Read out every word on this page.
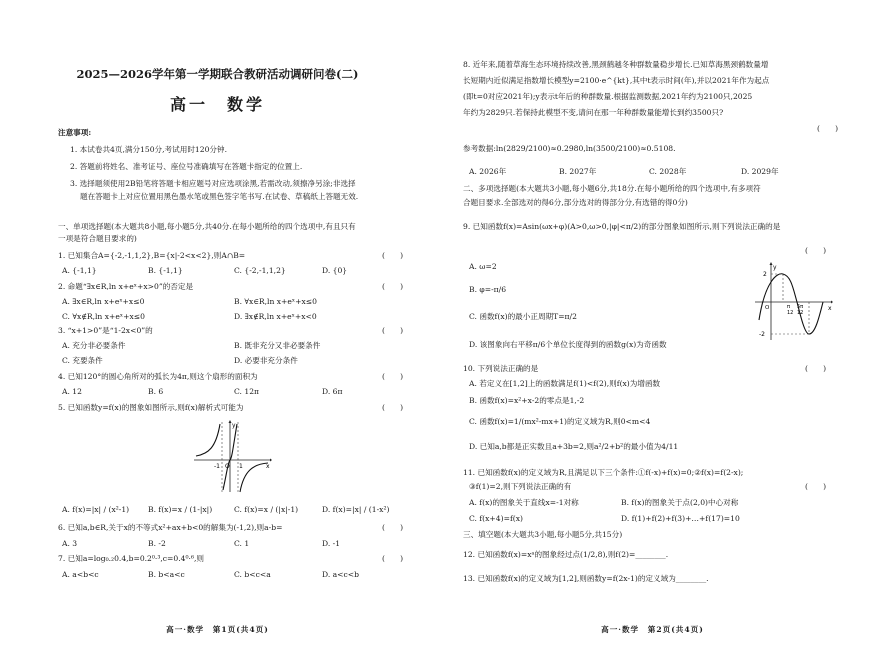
2025—2026学年第一学期联合教研活动调研问卷(二)
高一　数学
注意事项:
1. 本试卷共4页,满分150分,考试用时120分钟.
2. 答题前将姓名、准考证号、座位号准确填写在答题卡指定的位置上.
3. 选择题须使用2B铅笔将答题卡相应题号对应选项涂黑,若需改动,须擦净另涂;非选择
题在答题卡上对应位置用黑色墨水笔或黑色签字笔书写.在试卷、草稿纸上答题无效.
一、单项选择题(本大题共8小题,每小题5分,共40分.在每小题所给的四个选项中,有且只有
一项是符合题目要求的)
1. 已知集合A={-2,-1,1,2},B={x|-2<x<2},则A∩B=	(　　)
A. {-1,1}	B. {-1,1}	C. {-2,-1,1,2}	D. {0}
2. 命题“∃x∈R,ln x+eˣ+x>0”的否定是	(　　)
A. ∃x∈R,ln x+eˣ+x≤0	B. ∀x∈R,ln x+eˣ+x≤0
C. ∀x∉R,ln x+eˣ+x≤0	D. ∃x∉R,ln x+eˣ+x<0
3. “x+1>0”是“1-2x<0”的	(　　)
A. 充分非必要条件	B. 既非充分又非必要条件
C. 充要条件	D. 必要非充分条件
4. 已知120°的圆心角所对的弧长为4π,则这个扇形的面积为	(　　)
A. 12	B. 6	C. 12π	D. 6π
5. 已知函数y=f(x)的图象如图所示,则f(x)解析式可能为	(　　)
y
x
-1 O 1
A. f(x)=|x| / (x²-1) B. f(x)=x / (1-|x|)	C. f(x)=x / (|x|-1)	D. f(x)=|x| / (1-x²)
6. 已知a,b∈R,关于x的不等式x²+ax+b<0的解集为(-1,2),则a-b=	(　　)
A. 3	B. -2	C. 1	D. -1
7. 已知a=log₀.₂0.4,b=0.2⁰·³,c=0.4⁰·⁶,则	(　　)
A. a<b<c	B. b<a<c	C. b<c<a	D. a<c<b
高一·数学　第1页(共4页)
8. 近年来,随着草海生态环境持续改善,黑颈鹤越冬种群数量稳步增长.已知草海黑颈鹤数量增
长短期内近似满足指数增长模型y=2100·e^{kt},其中t表示时间(年),并以2021年作为起点
(即t=0对应2021年);y表示t年后的种群数量.根据监测数据,2021年约为2100只,2025
年约为2829只.若保持此模型不变,请问在那一年种群数量能增长到约3500只?
(　　)
参考数据:ln(2829/2100)≈0.2980,ln(3500/2100)≈0.5108.
A. 2026年	B. 2027年	C. 2028年	D. 2029年
二、多项选择题(本大题共3小题,每小题6分,共18分.在每小题所给的四个选项中,有多项符
合题目要求.全部选对的得6分,部分选对的得部分分,有选错的得0分)
9. 已知函数f(x)=Asin(ωx+φ)(A>0,ω>0,|φ|<π/2)的部分图象如图所示,则下列说法正确的是
(　　)
A. ω=2
B. φ=-π/6
C. 函数f(x)的最小正周期T=π/2
D. 该图象向右平移π/6个单位长度得到的函数g(x)为奇函数
y
x
2
-2
O	π
12
5π
12
10. 下列说法正确的是	(　　)
A. 若定义在[1,2]上的函数满足f(1)<f(2),则f(x)为增函数
B. 函数f(x)=x²+x-2的零点是1,-2
C. 函数f(x)=1/(mx²-mx+1)的定义域为R,则0<m<4
D. 已知a,b都是正实数且a+3b=2,则a²/2+b²的最小值为4/11
11. 已知函数f(x)的定义域为R,且满足以下三个条件:①f(-x)+f(x)=0;②f(x)=f(2-x);
③f(1)=2,则下列说法正确的有	(　　)
A. f(x)的图象关于直线x=-1对称	B. f(x)的图象关于点(2,0)中心对称
C. f(x+4)=f(x)	D. f(1)+f(2)+f(3)+…+f(17)=10
三、填空题(本大题共3小题,每小题5分,共15分)
12. 已知函数f(x)=xᵃ的图象经过点(1/2,8),则f(2)=________.
13. 已知函数f(x)的定义域为[1,2],则函数y=f(2x-1)的定义域为________.
高一·数学　第2页(共4页)
